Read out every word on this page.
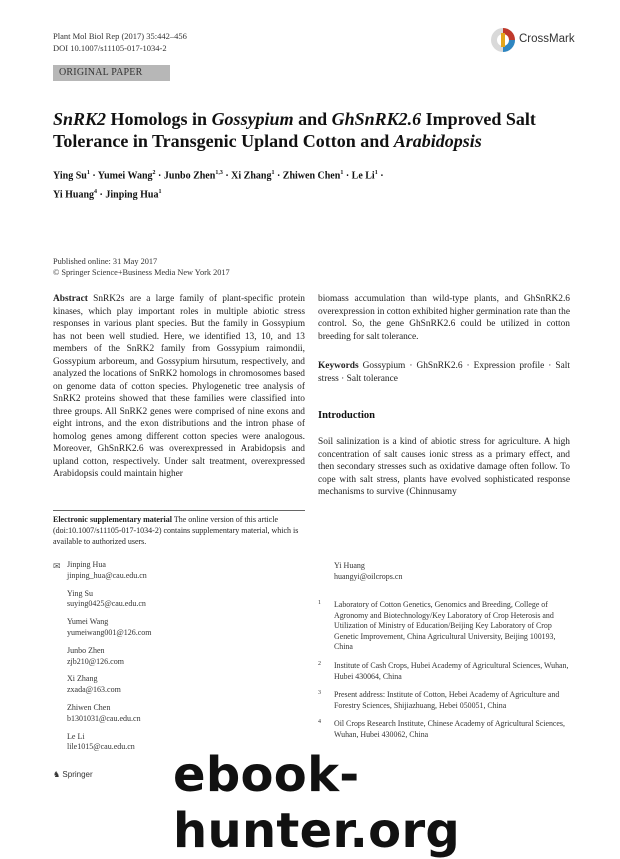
Plant Mol Biol Rep (2017) 35:442–456
DOI 10.1007/s11105-017-1034-2
CrossMark
ORIGINAL PAPER
SnRK2 Homologs in Gossypium and GhSnRK2.6 Improved Salt
Tolerance in Transgenic Upland Cotton and Arabidopsis
Ying $Su^1$ · Yumei Wang$^2$ · Junbo Zhen$^{1,3}$ · Xi Zhang$^1$ · Zhiwen Chen$^1$ · Le $Li^1$ ·
Yi Huang$^4$ · Jinping Hua$^1$
Published online: 31 May 2017
© Springer Science+Business Media New York 2017
Abstract SnRK2s are a large family of plant-specific protein kinases, which play important roles in multiple abiotic stress responses in various plant species. But the family in Gossypium has not been well studied. Here, we identified 13, 10, and 13 members of the SnRK2 family from Gossypium raimondii, Gossypium arboreum, and Gossypium hirsutum, respectively, and analyzed the locations of SnRK2 homologs in chromosomes based on genome data of cotton species. Phylogenetic tree analysis of SnRK2 proteins showed that these families were classified into three groups. All SnRK2 genes were comprised of nine exons and eight introns, and the exon distributions and the intron phase of homolog genes among different cotton species were analogous. Moreover, GhSnRK2.6 was overexpressed in Arabidopsis and upland cotton, respectively. Under salt treatment, overexpressed Arabidopsis could maintain higher
biomass accumulation than wild-type plants, and GhSnRK2.6 overexpression in cotton exhibited higher germination rate than the control. So, the gene GhSnRK2.6 could be utilized in cotton breeding for salt tolerance.
Keywords Gossypium · GhSnRK2.6 · Expression profile · Salt stress · Salt tolerance
Introduction
Soil salinization is a kind of abiotic stress for agriculture. A high concentration of salt causes ionic stress as a primary effect, and then secondary stresses such as oxidative damage often follow. To cope with salt stress, plants have evolved sophisticated response mechanisms to survive (Chinnusamy
Electronic supplementary material The online version of this article (doi:10.1007/s11105-017-1034-2) contains supplementary material, which is available to authorized users.
✉ Jinping Hua
jinping_hua@cau.edu.cn
Ying Su
suying0425@cau.edu.cn
Yumei Wang
yumeiwang001@126.com
Junbo Zhen
zjb210@126.com
Xi Zhang
zxada@163.com
Zhiwen Chen
b1301031@cau.edu.cn
Le Li
lile1015@cau.edu.cn
Yi Huang
huangyi@oilcrops.cn
1 Laboratory of Cotton Genetics, Genomics and Breeding, College of Agronomy and Biotechnology/Key Laboratory of Crop Heterosis and Utilization of Ministry of Education/Beijing Key Laboratory of Crop Genetic Improvement, China Agricultural University, Beijing 100193, China
2 Institute of Cash Crops, Hubei Academy of Agricultural Sciences, Wuhan, Hubei 430064, China
3 Present address: Institute of Cotton, Hebei Academy of Agriculture and Forestry Sciences, Shijiazhuang, Hebei 050051, China
4 Oil Crops Research Institute, Chinese Academy of Agricultural Sciences, Wuhan, Hubei 430062, China
♞ Springer ebook-hunter.org
